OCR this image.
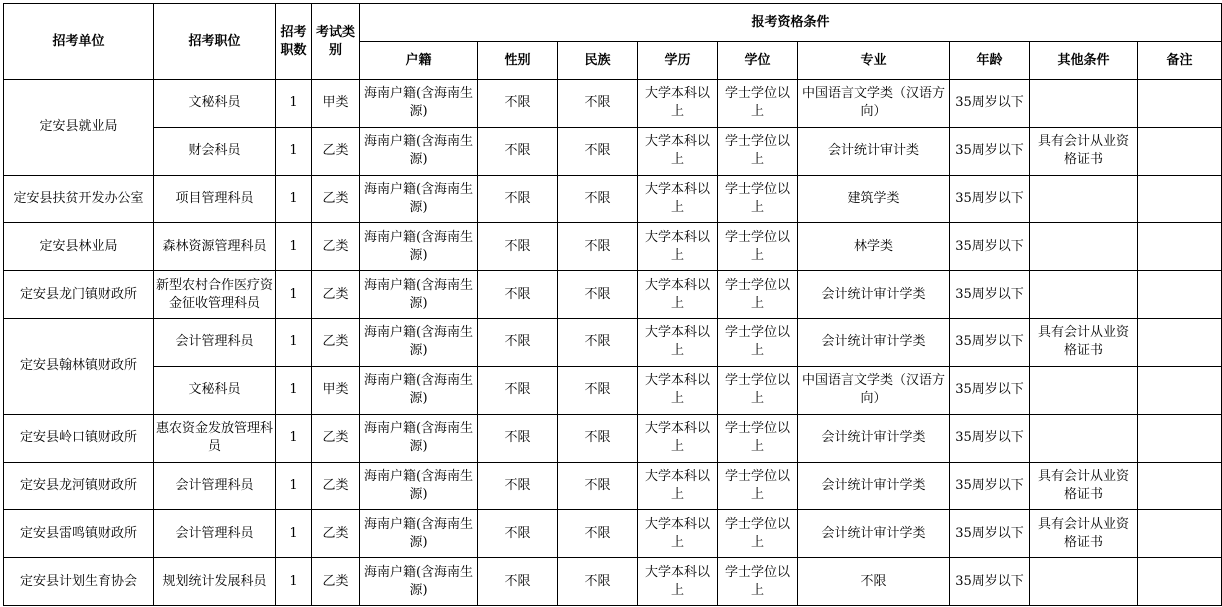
招考单位	招考职位	招考职数	考试类别	报考资格条件								
				户籍	性别	民族	学历	学位	专业	年龄	其他条件	备注
定安县就业局	文秘科员	1	甲类	海南户籍(含海南生源)	不限	不限	大学本科以上	学士学位以上	中国语言文学类（汉语方向）	35周岁以下		
	财会科员	1	乙类	海南户籍(含海南生源)	不限	不限	大学本科以上	学士学位以上	会计统计审计类	35周岁以下	具有会计从业资格证书	
定安县扶贫开发办公室	项目管理科员	1	乙类	海南户籍(含海南生源)	不限	不限	大学本科以上	学士学位以上	建筑学类	35周岁以下		
定安县林业局	森林资源管理科员	1	乙类	海南户籍(含海南生源)	不限	不限	大学本科以上	学士学位以上	林学类	35周岁以下		
定安县龙门镇财政所	新型农村合作医疗资金征收管理科员	1	乙类	海南户籍(含海南生源)	不限	不限	大学本科以上	学士学位以上	会计统计审计学类	35周岁以下		
定安县翰林镇财政所	会计管理科员	1	乙类	海南户籍(含海南生源)	不限	不限	大学本科以上	学士学位以上	会计统计审计学类	35周岁以下	具有会计从业资格证书	
	文秘科员	1	甲类	海南户籍(含海南生源)	不限	不限	大学本科以上	学士学位以上	中国语言文学类（汉语方向）	35周岁以下		
定安县岭口镇财政所	惠农资金发放管理科员	1	乙类	海南户籍(含海南生源)	不限	不限	大学本科以上	学士学位以上	会计统计审计学类	35周岁以下		
定安县龙河镇财政所	会计管理科员	1	乙类	海南户籍(含海南生源)	不限	不限	大学本科以上	学士学位以上	会计统计审计学类	35周岁以下	具有会计从业资格证书	
定安县雷鸣镇财政所	会计管理科员	1	乙类	海南户籍(含海南生源)	不限	不限	大学本科以上	学士学位以上	会计统计审计学类	35周岁以下	具有会计从业资格证书	
定安县计划生育协会	规划统计发展科员	1	乙类	海南户籍(含海南生源)	不限	不限	大学本科以上	学士学位以上	不限	35周岁以下		
